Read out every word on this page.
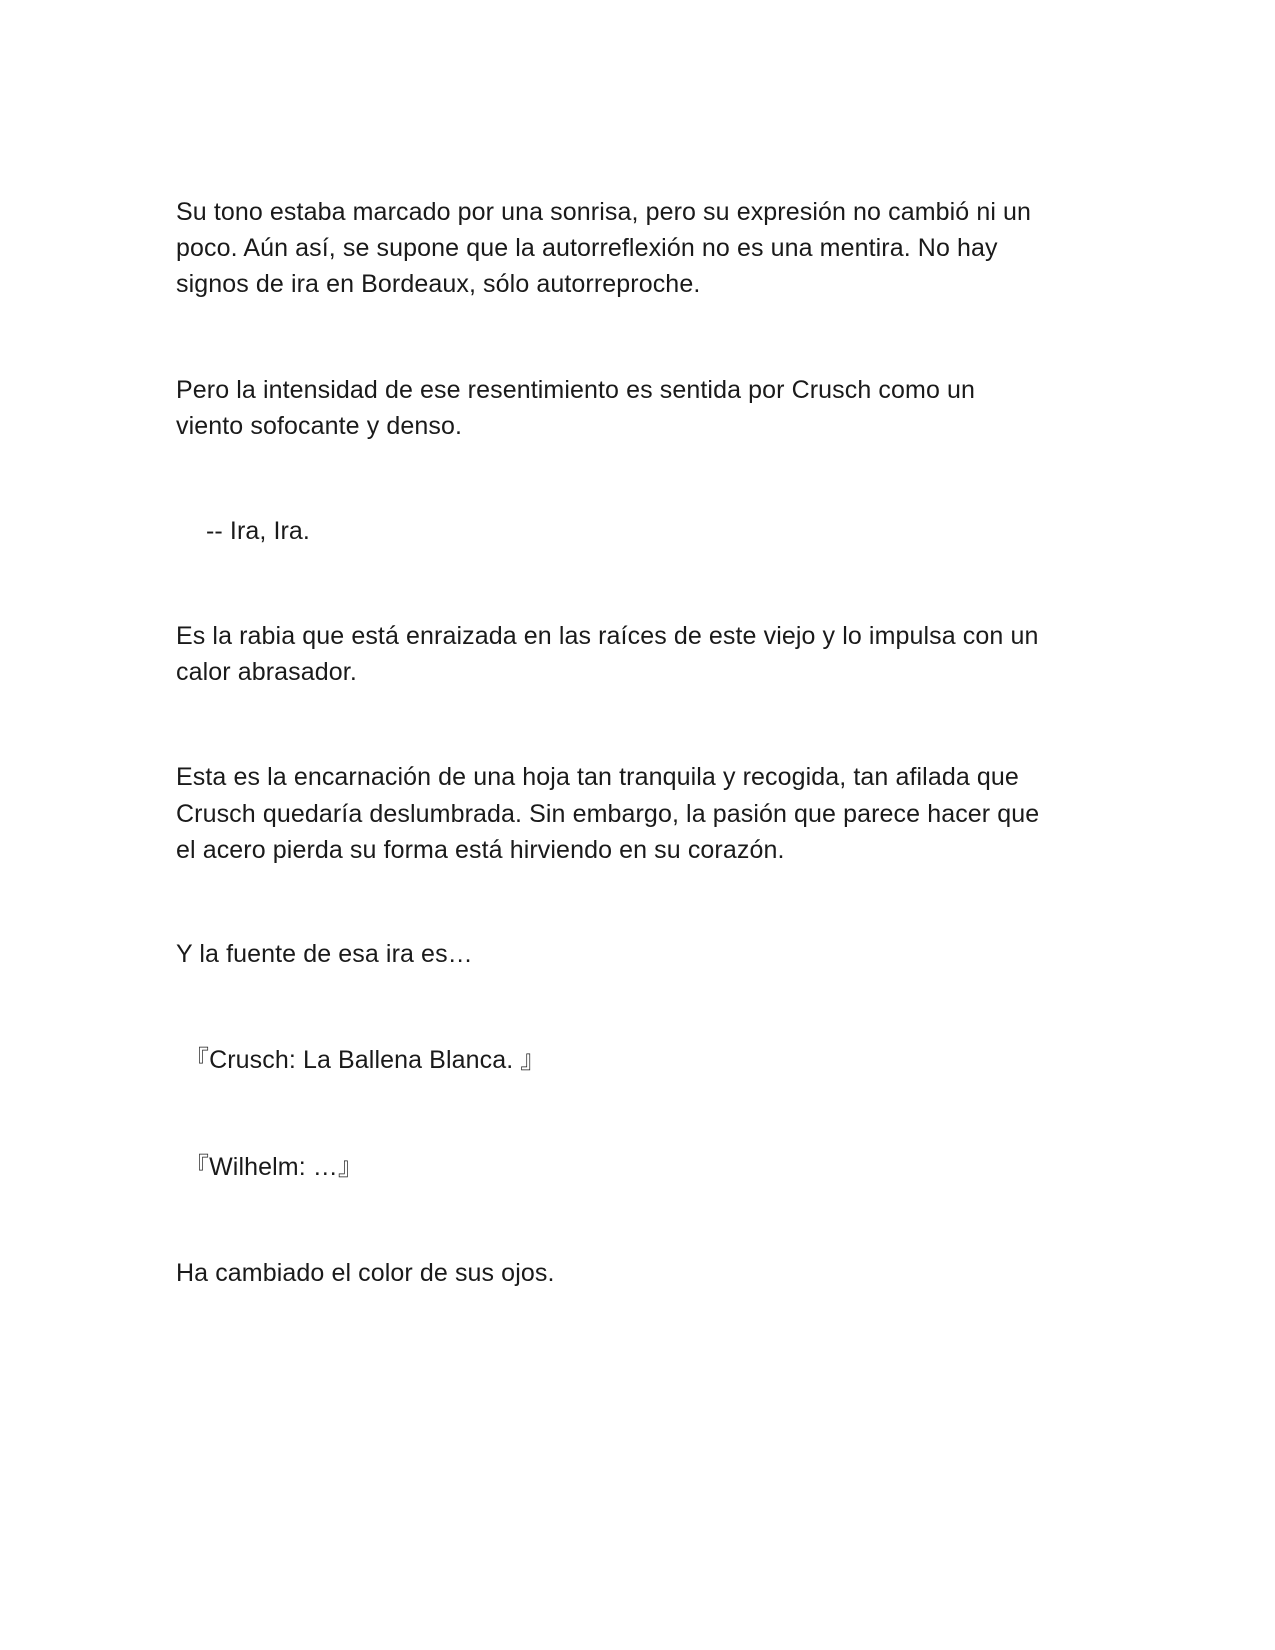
Su tono estaba marcado por una sonrisa, pero su expresión no cambió ni un
poco. Aún así, se supone que la autorreflexión no es una mentira. No hay
signos de ira en Bordeaux, sólo autorreproche.
Pero la intensidad de ese resentimiento es sentida por Crusch como un
viento sofocante y denso.
-- Ira, Ira.
Es la rabia que está enraizada en las raíces de este viejo y lo impulsa con un
calor abrasador.
Esta es la encarnación de una hoja tan tranquila y recogida, tan afilada que
Crusch quedaría deslumbrada. Sin embargo, la pasión que parece hacer que
el acero pierda su forma está hirviendo en su corazón.
Y la fuente de esa ira es…
『Crusch: La Ballena Blanca. 』
『Wilhelm: …』
Ha cambiado el color de sus ojos.
